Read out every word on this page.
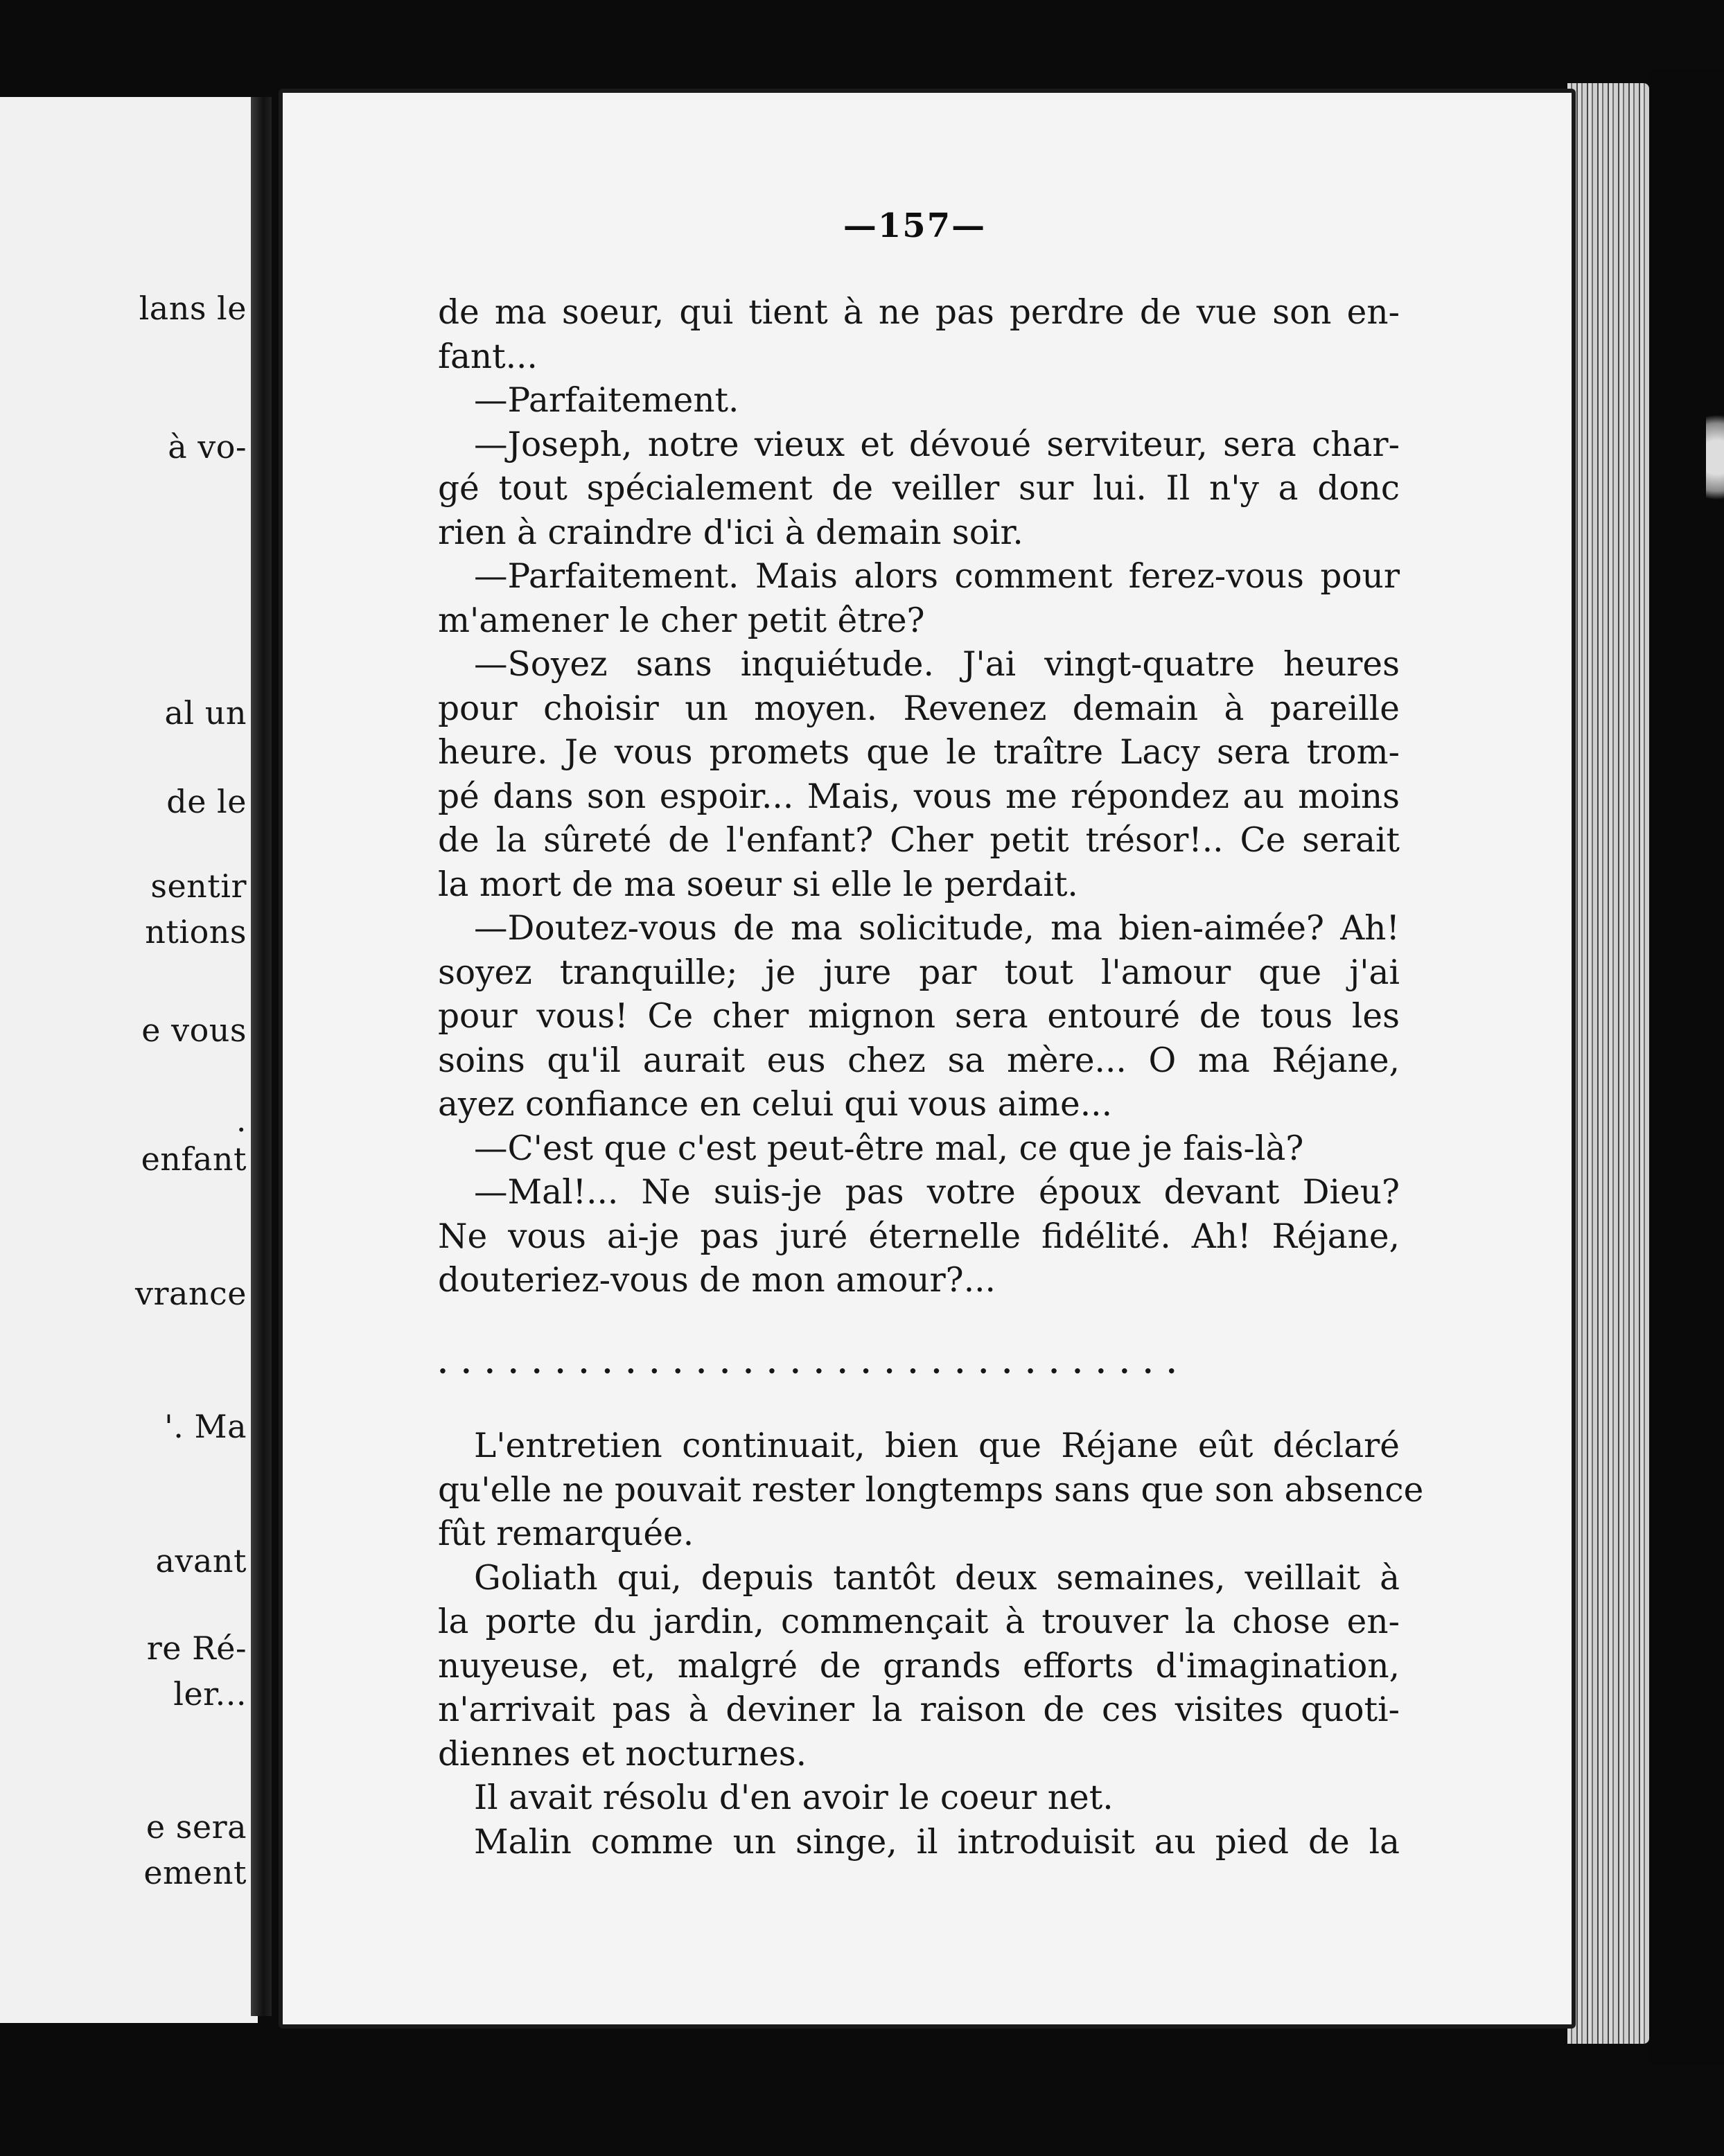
lans le
à vo-
al un
de le
sentir
ntions
e vous
.
enfant
vrance
'. Ma
avant
re Ré-
ler...
e sera
ement
—157—
de ma soeur, qui tient à ne pas perdre de vue son en-
fant...
—Parfaitement.
—Joseph, notre vieux et dévoué serviteur, sera char-
gé tout spécialement de veiller sur lui. Il n'y a donc
rien à craindre d'ici à demain soir.
—Parfaitement. Mais alors comment ferez-vous pour
m'amener le cher petit être?
—Soyez sans inquiétude. J'ai vingt-quatre heures
pour choisir un moyen. Revenez demain à pareille
heure. Je vous promets que le traître Lacy sera trom-
pé dans son espoir... Mais, vous me répondez au moins
de la sûreté de l'enfant? Cher petit trésor!.. Ce serait
la mort de ma soeur si elle le perdait.
—Doutez-vous de ma solicitude, ma bien-aimée? Ah!
soyez tranquille; je jure par tout l'amour que j'ai
pour vous! Ce cher mignon sera entouré de tous les
soins qu'il aurait eus chez sa mère... O ma Réjane,
ayez confiance en celui qui vous aime...
—C'est que c'est peut-être mal, ce que je fais-là?
—Mal!... Ne suis-je pas votre époux devant Dieu?
Ne vous ai-je pas juré éternelle fidélité. Ah! Réjane,
douteriez-vous de mon amour?...
................................
L'entretien continuait, bien que Réjane eût déclaré
qu'elle ne pouvait rester longtemps sans que son absence
fût remarquée.
Goliath qui, depuis tantôt deux semaines, veillait à
la porte du jardin, commençait à trouver la chose en-
nuyeuse, et, malgré de grands efforts d'imagination,
n'arrivait pas à deviner la raison de ces visites quoti-
diennes et nocturnes.
Il avait résolu d'en avoir le coeur net.
Malin comme un singe, il introduisit au pied de la
